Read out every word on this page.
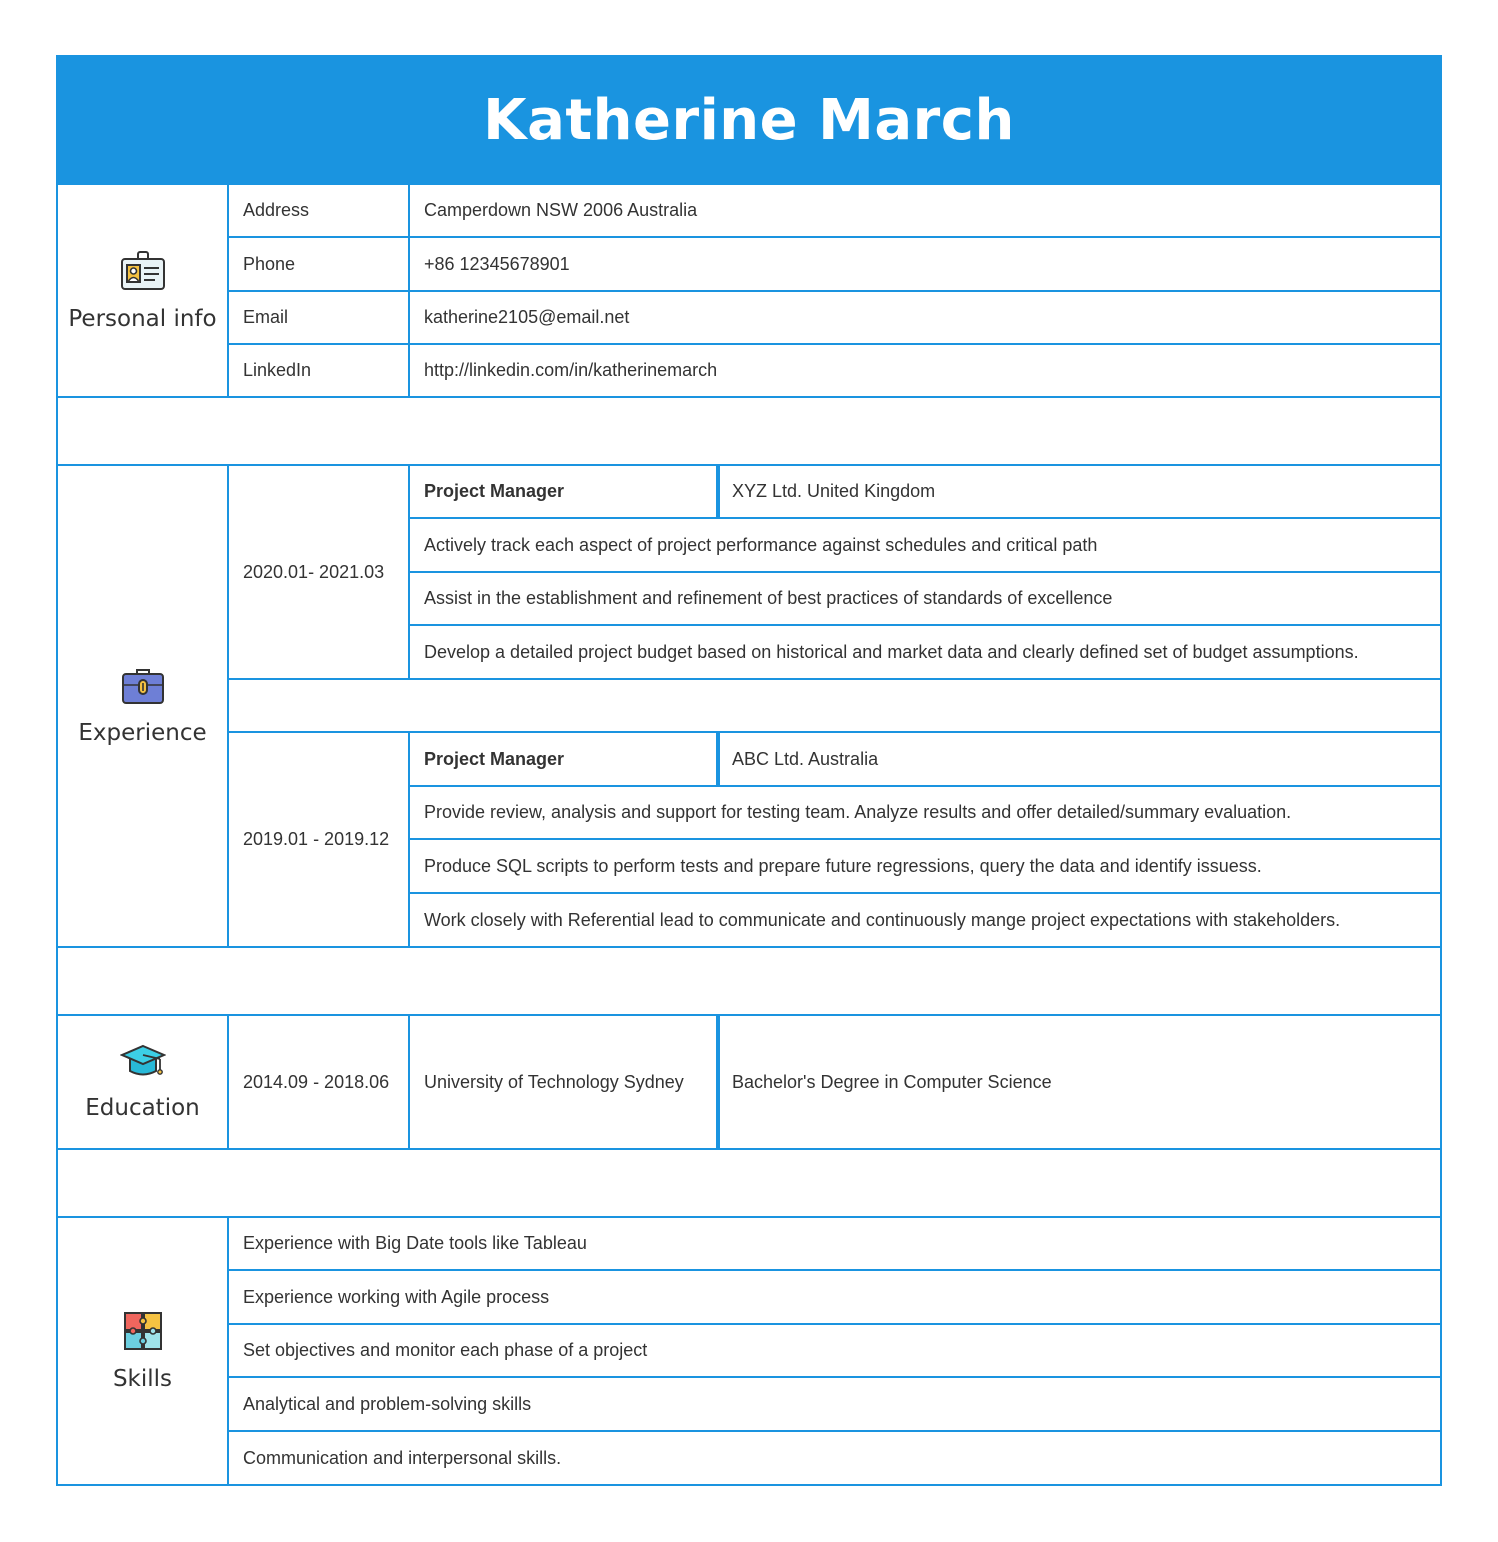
Katherine March
Personal info
Address	Camperdown NSW 2006 Australia
Phone	+86 12345678901
Email	katherine2105@email.net
LinkedIn	http://linkedin.com/in/katherinemarch
Experience
2020.01- 2021.03
Project Manager	XYZ Ltd. United Kingdom
Actively track each aspect of project performance against schedules and critical path
Assist in the establishment and refinement of best practices of standards of excellence
Develop a detailed project budget based on historical and market data and clearly defined set of budget assumptions.
2019.01 - 2019.12
Project Manager	ABC Ltd. Australia
Provide review, analysis and support for testing team. Analyze results and offer detailed/summary evaluation.
Produce SQL scripts to perform tests and prepare future regressions, query the data and identify issuess.
Work closely with Referential lead to communicate and continuously mange project expectations with stakeholders.
Education
2014.09 - 2018.06	University of Technology Sydney	Bachelor's Degree in Computer Science
Skills
Experience with Big Date tools like Tableau
Experience working with Agile process
Set objectives and monitor each phase of a project
Analytical and problem-solving skills
Communication and interpersonal skills.
